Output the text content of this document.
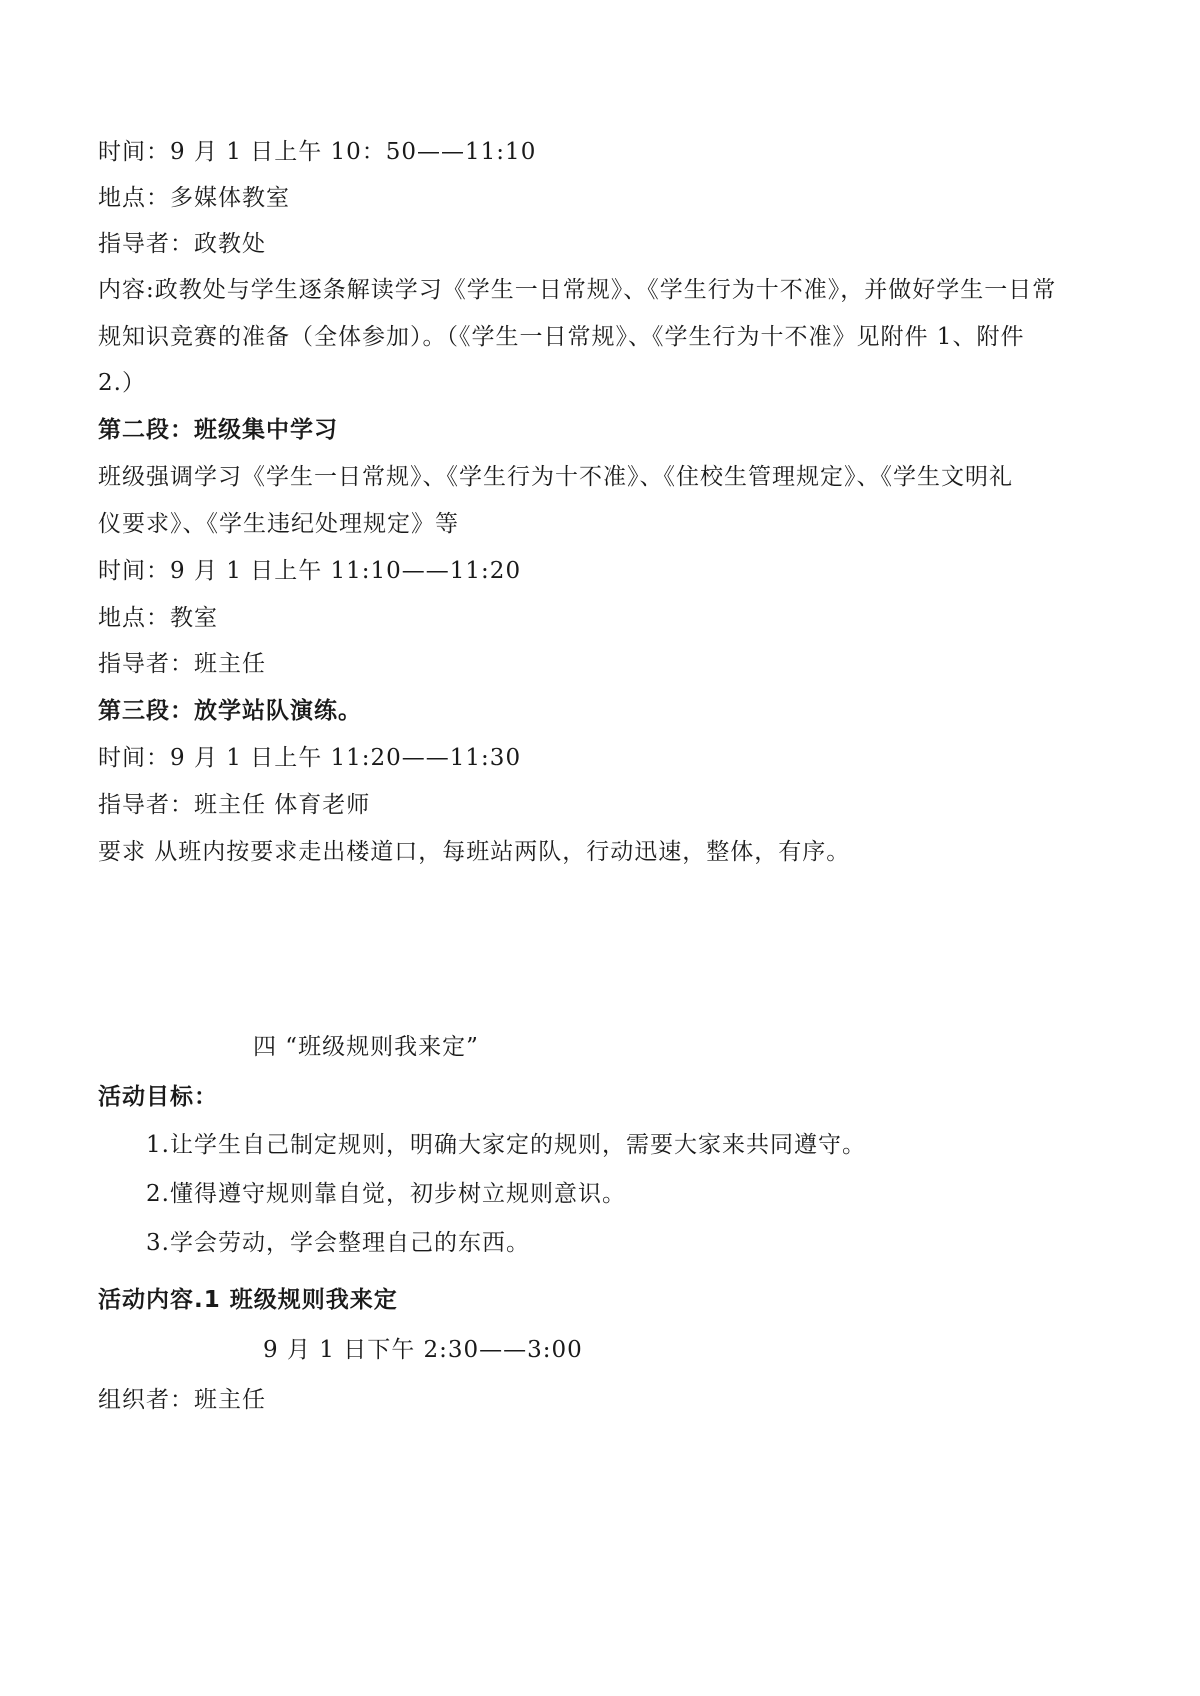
时间：9 月 1 日上午 10：50——11:10
地点：多媒体教室
指导者：政教处
内容:政教处与学生逐条解读学习《学生一日常规》、《学生行为十不准》，并做好学生一日常
规知识竞赛的准备（全体参加）。（《学生一日常规》、《学生行为十不准》见附件 1、附件
2.）
第二段：班级集中学习
班级强调学习《学生一日常规》、《学生行为十不准》、《住校生管理规定》、《学生文明礼
仪要求》、《学生违纪处理规定》等
时间：9 月 1 日上午 11:10——11:20
地点：教室
指导者：班主任
第三段：放学站队演练。
时间：9 月 1 日上午 11:20——11:30
指导者：班主任 体育老师
要求 从班内按要求走出楼道口，每班站两队，行动迅速，整体，有序。
四 “班级规则我来定”
活动目标：
1.让学生自己制定规则，明确大家定的规则，需要大家来共同遵守。
2.懂得遵守规则靠自觉，初步树立规则意识。
3.学会劳动，学会整理自己的东西。
活动内容.1 班级规则我来定
9 月 1 日下午 2:30——3:00
组织者：班主任
